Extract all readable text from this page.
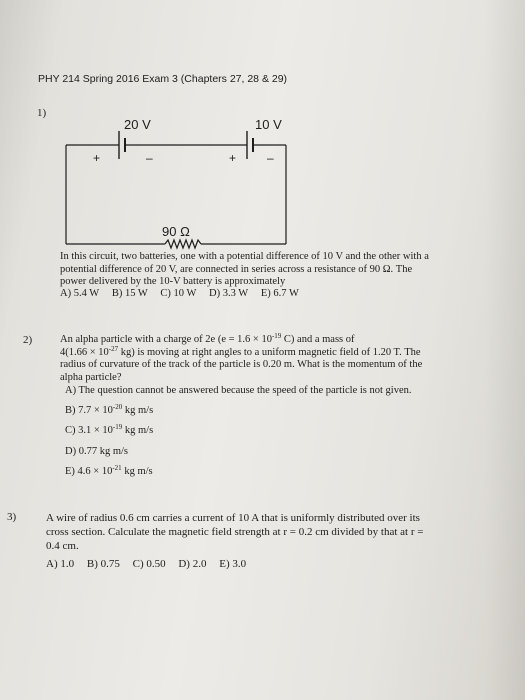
PHY 214 Spring 2016 Exam 3 (Chapters 27, 28 & 29)
1)
20 V	10 V
+	–	+	–
90 Ω
In this circuit, two batteries, one with a potential difference of 10 V and the other with a
potential difference of 20 V, are connected in series across a resistance of 90 Ω. The
power delivered by the 10-V battery is approximately
A) 5.4 W B) 15 W C) 10 W D) 3.3 W E) 6.7 W
2)	An alpha particle with a charge of 2e ($e = 1.6 \times 10^{-19}$ C) and a mass of
$4(1.66 \times 10^{-27}$ kg) is moving at right angles to a uniform magnetic field of 1.20 T. The
radius of curvature of the track of the particle is 0.20 m. What is the momentum of the
alpha particle?
A) The question cannot be answered because the speed of the particle is not given.
B) $7.7 \times 10^{-20}$ kg m/s
C) $3.1 \times 10^{-19}$ kg m/s
D) 0.77 kg m/s
E) $4.6 \times 10^{-21}$ kg m/s
3)	A wire of radius 0.6 cm carries a current of 10 A that is uniformly distributed over its
cross section. Calculate the magnetic field strength at r = 0.2 cm divided by that at r =
0.4 cm.
A) 1.0 B) 0.75 C) 0.50 D) 2.0 E) 3.0
